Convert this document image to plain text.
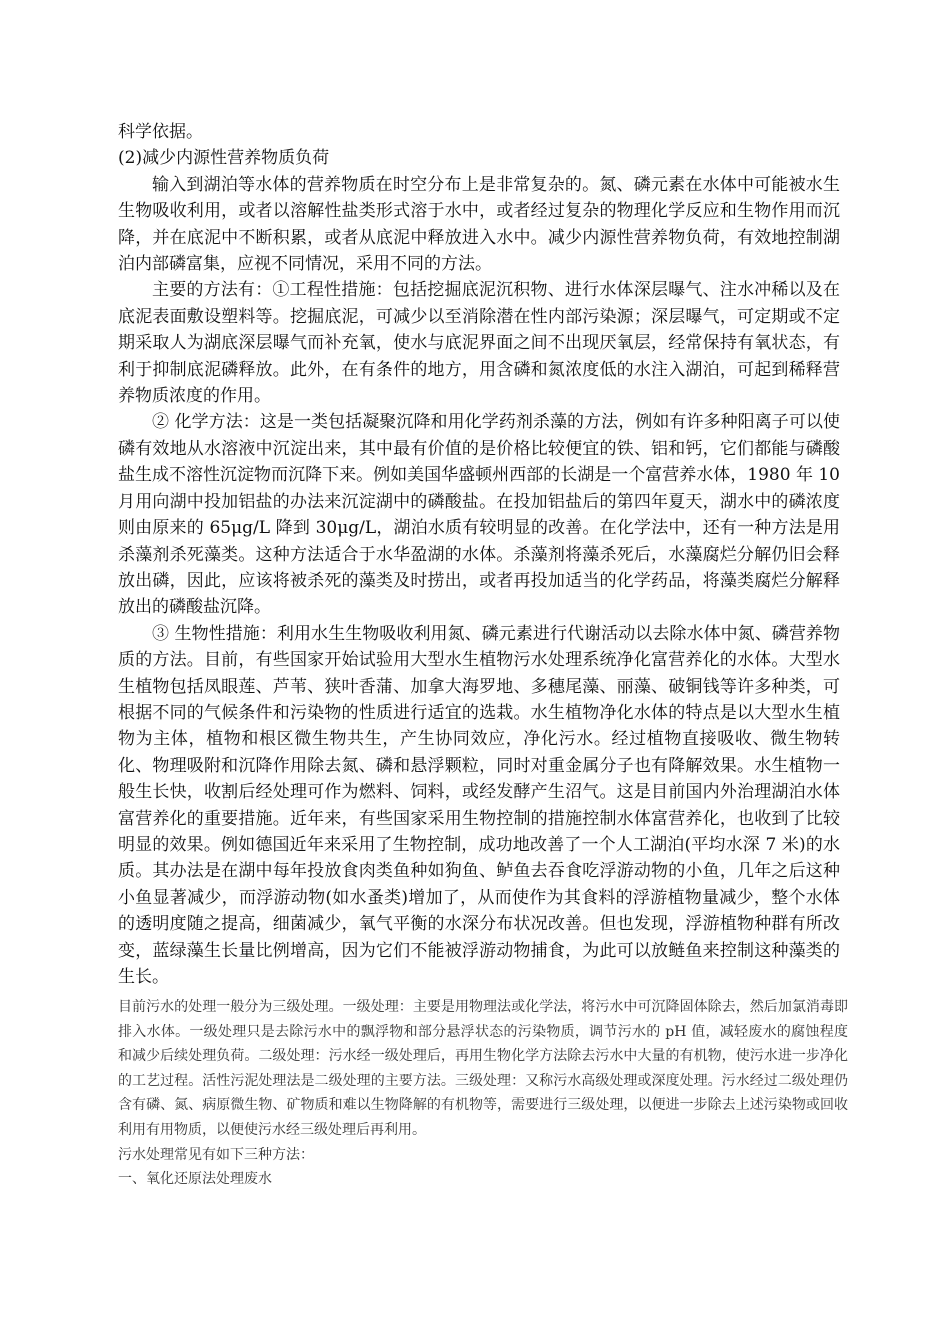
科学依据。

(2)减少内源性营养物质负荷

输入到湖泊等水体的营养物质在时空分布上是非常复杂的。氮、磷元素在水体中可能被水生生物吸收利用，或者以溶解性盐类形式溶于水中，或者经过复杂的物理化学反应和生物作用而沉降，并在底泥中不断积累，或者从底泥中释放进入水中。减少内源性营养物负荷，有效地控制湖泊内部磷富集，应视不同情况，采用不同的方法。

主要的方法有：①工程性措施：包括挖掘底泥沉积物、进行水体深层曝气、注水冲稀以及在底泥表面敷设塑料等。挖掘底泥，可减少以至消除潜在性内部污染源；深层曝气，可定期或不定期采取人为湖底深层曝气而补充氧，使水与底泥界面之间不出现厌氧层，经常保持有氧状态，有利于抑制底泥磷释放。此外，在有条件的地方，用含磷和氮浓度低的水注入湖泊，可起到稀释营养物质浓度的作用。

② 化学方法：这是一类包括凝聚沉降和用化学药剂杀藻的方法，例如有许多种阳离子可以使磷有效地从水溶液中沉淀出来，其中最有价值的是价格比较便宜的铁、铝和钙，它们都能与磷酸盐生成不溶性沉淀物而沉降下来。例如美国华盛顿州西部的长湖是一个富营养水体，1980 年 10 月用向湖中投加铝盐的办法来沉淀湖中的磷酸盐。在投加铝盐后的第四年夏天，湖水中的磷浓度则由原来的 65μg/L 降到 30μg/L，湖泊水质有较明显的改善。在化学法中，还有一种方法是用杀藻剂杀死藻类。这种方法适合于水华盈湖的水体。杀藻剂将藻杀死后，水藻腐烂分解仍旧会释放出磷，因此，应该将被杀死的藻类及时捞出，或者再投加适当的化学药品，将藻类腐烂分解释放出的磷酸盐沉降。

③ 生物性措施：利用水生生物吸收利用氮、磷元素进行代谢活动以去除水体中氮、磷营养物质的方法。目前，有些国家开始试验用大型水生植物污水处理系统净化富营养化的水体。大型水生植物包括凤眼莲、芦苇、狭叶香蒲、加拿大海罗地、多穗尾藻、丽藻、破铜钱等许多种类，可根据不同的气候条件和污染物的性质进行适宜的选栽。水生植物净化水体的特点是以大型水生植物为主体，植物和根区微生物共生，产生协同效应，净化污水。经过植物直接吸收、微生物转化、物理吸附和沉降作用除去氮、磷和悬浮颗粒，同时对重金属分子也有降解效果。水生植物一般生长快，收割后经处理可作为燃料、饲料，或经发酵产生沼气。这是目前国内外治理湖泊水体富营养化的重要措施。近年来，有些国家采用生物控制的措施控制水体富营养化，也收到了比较明显的效果。例如德国近年来采用了生物控制，成功地改善了一个人工湖泊(平均水深 7 米)的水质。其办法是在湖中每年投放食肉类鱼种如狗鱼、鲈鱼去吞食吃浮游动物的小鱼，几年之后这种小鱼显著减少，而浮游动物(如水蚤类)增加了，从而使作为其食料的浮游植物量减少，整个水体的透明度随之提高，细菌减少，氧气平衡的水深分布状况改善。但也发现，浮游植物种群有所改变，蓝绿藻生长量比例增高，因为它们不能被浮游动物捕食，为此可以放鲢鱼来控制这种藻类的生长。

目前污水的处理一般分为三级处理。一级处理：主要是用物理法或化学法，将污水中可沉降固体除去，然后加氯消毒即排入水体。一级处理只是去除污水中的飘浮物和部分悬浮状态的污染物质，调节污水的 pH 值，减轻废水的腐蚀程度和减少后续处理负荷。二级处理：污水经一级处理后，再用生物化学方法除去污水中大量的有机物，使污水进一步净化的工艺过程。活性污泥处理法是二级处理的主要方法。三级处理：又称污水高级处理或深度处理。污水经过二级处理仍含有磷、氮、病原微生物、矿物质和难以生物降解的有机物等，需要进行三级处理，以便进一步除去上述污染物或回收利用有用物质，以便使污水经三级处理后再利用。

污水处理常见有如下三种方法：

一、氧化还原法处理废水
